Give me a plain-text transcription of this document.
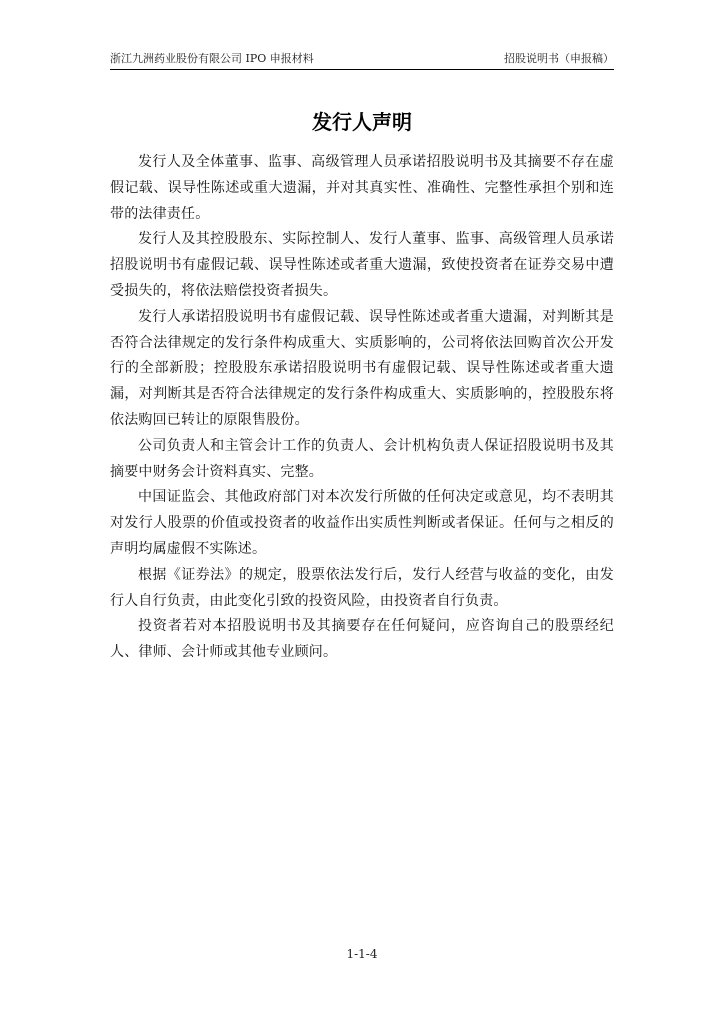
浙江九洲药业股份有限公司 IPO 申报材料	招股说明书（申报稿）
发行人声明

发行人及全体董事、监事、高级管理人员承诺招股说明书及其摘要不存在虚假记载、误导性陈述或重大遗漏，并对其真实性、准确性、完整性承担个别和连带的法律责任。

发行人及其控股股东、实际控制人、发行人董事、监事、高级管理人员承诺招股说明书有虚假记载、误导性陈述或者重大遗漏，致使投资者在证券交易中遭受损失的，将依法赔偿投资者损失。

发行人承诺招股说明书有虚假记载、误导性陈述或者重大遗漏，对判断其是否符合法律规定的发行条件构成重大、实质影响的，公司将依法回购首次公开发行的全部新股；控股股东承诺招股说明书有虚假记载、误导性陈述或者重大遗漏，对判断其是否符合法律规定的发行条件构成重大、实质影响的，控股股东将依法购回已转让的原限售股份。

公司负责人和主管会计工作的负责人、会计机构负责人保证招股说明书及其摘要中财务会计资料真实、完整。

中国证监会、其他政府部门对本次发行所做的任何决定或意见，均不表明其对发行人股票的价值或投资者的收益作出实质性判断或者保证。任何与之相反的声明均属虚假不实陈述。

根据《证券法》的规定，股票依法发行后，发行人经营与收益的变化，由发行人自行负责，由此变化引致的投资风险，由投资者自行负责。

投资者若对本招股说明书及其摘要存在任何疑问，应咨询自己的股票经纪人、律师、会计师或其他专业顾问。

1-1-4
